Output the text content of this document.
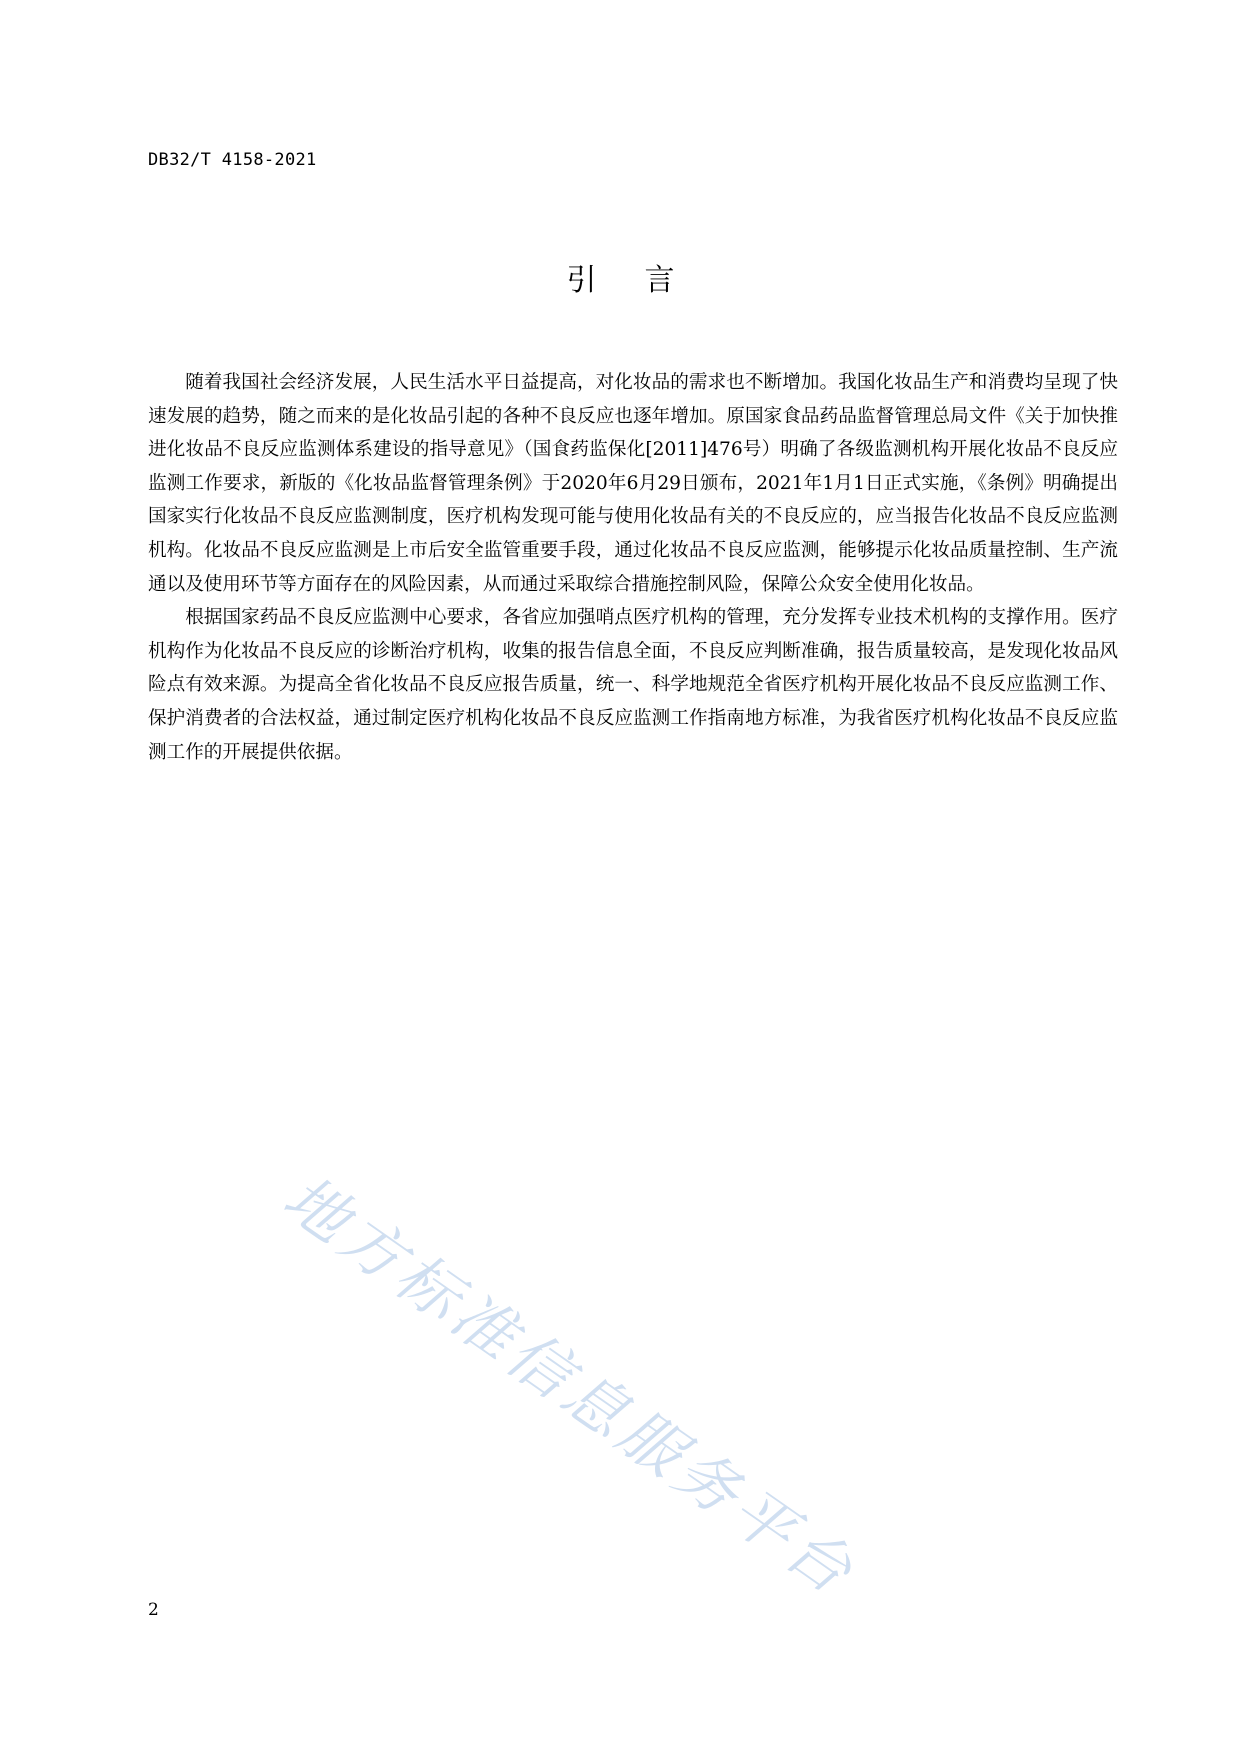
DB32/T 4158-2021
引言

随着我国社会经济发展，人民生活水平日益提高，对化妆品的需求也不断增加。我国化妆品生产和消费均呈现了快速发展的趋势，随之而来的是化妆品引起的各种不良反应也逐年增加。原国家食品药品监督管理总局文件《关于加快推进化妆品不良反应监测体系建设的指导意见》（国食药监保化[2011]476号）明确了各级监测机构开展化妆品不良反应监测工作要求，新版的《化妆品监督管理条例》于2020年6月29日颁布，2021年1月1日正式实施，《条例》明确提出国家实行化妆品不良反应监测制度，医疗机构发现可能与使用化妆品有关的不良反应的，应当报告化妆品不良反应监测机构。化妆品不良反应监测是上市后安全监管重要手段，通过化妆品不良反应监测，能够提示化妆品质量控制、生产流通以及使用环节等方面存在的风险因素，从而通过采取综合措施控制风险，保障公众安全使用化妆品。

根据国家药品不良反应监测中心要求，各省应加强哨点医疗机构的管理，充分发挥专业技术机构的支撑作用。医疗机构作为化妆品不良反应的诊断治疗机构，收集的报告信息全面，不良反应判断准确，报告质量较高，是发现化妆品风险点有效来源。为提高全省化妆品不良反应报告质量，统一、科学地规范全省医疗机构开展化妆品不良反应监测工作、保护消费者的合法权益，通过制定医疗机构化妆品不良反应监测工作指南地方标准，为我省医疗机构化妆品不良反应监测工作的开展提供依据。

地方标准信息服务平台
2
